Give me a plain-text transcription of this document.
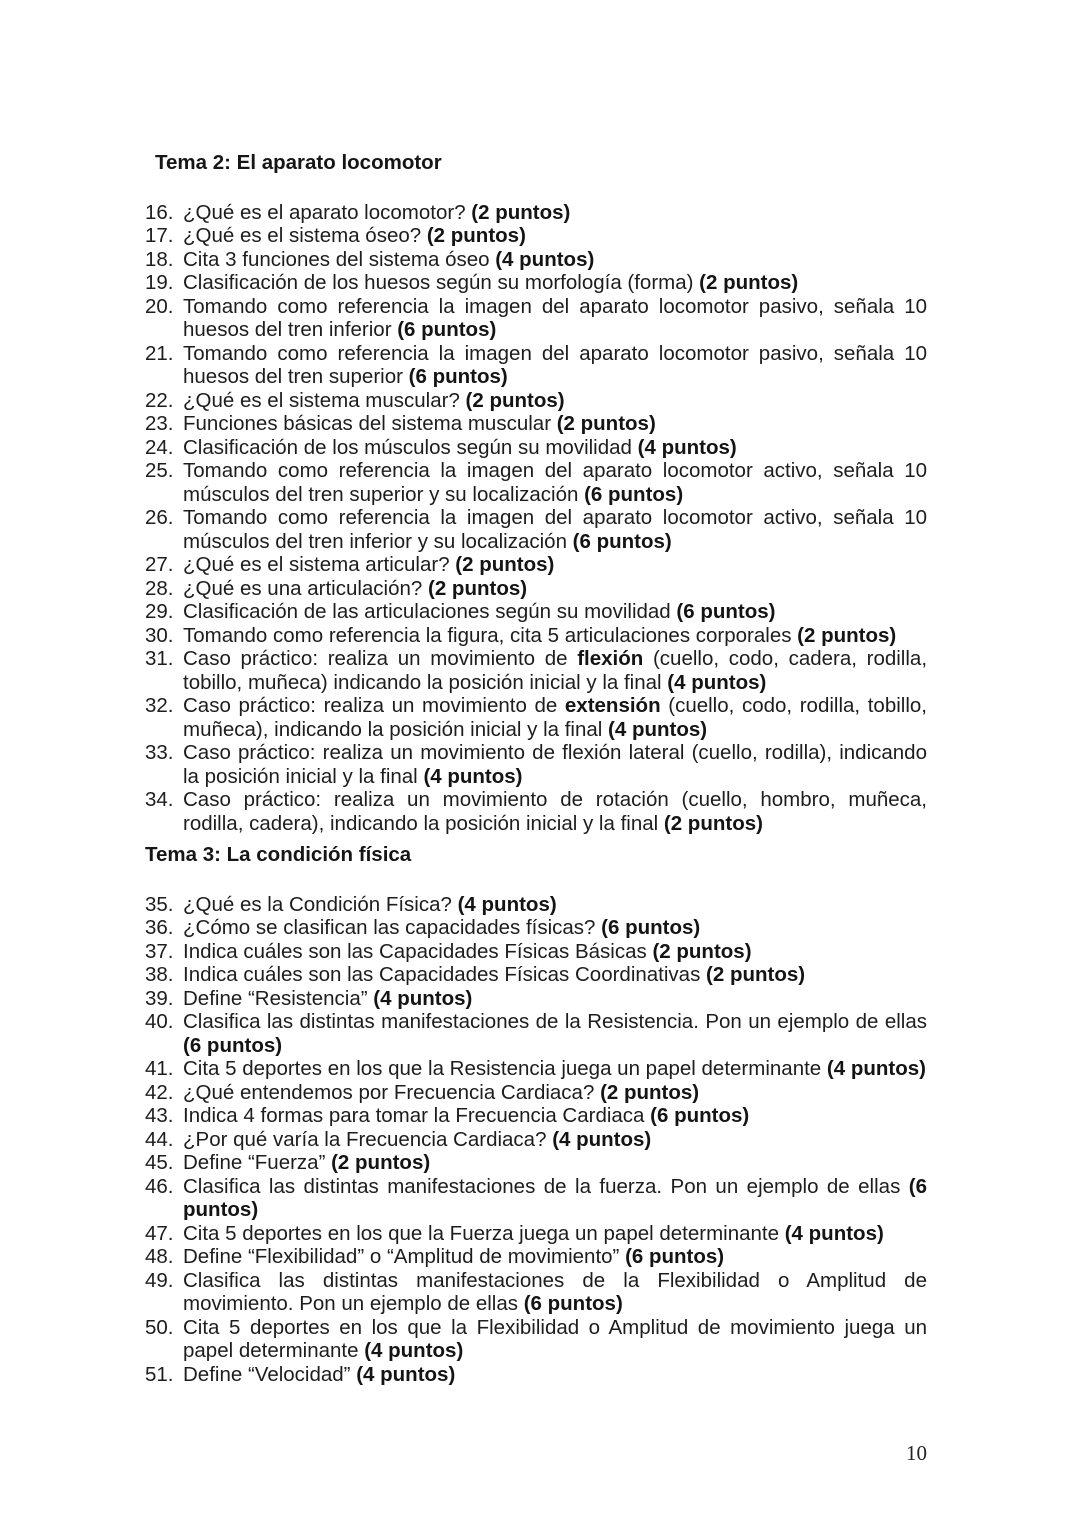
Tema 2: El aparato locomotor
16. ¿Qué es el aparato locomotor? (2 puntos)
17. ¿Qué es el sistema óseo? (2 puntos)
18. Cita 3 funciones del sistema óseo (4 puntos)
19. Clasificación de los huesos según su morfología (forma) (2 puntos)
20. Tomando como referencia la imagen del aparato locomotor pasivo, señala 10 huesos del tren inferior (6 puntos)
21. Tomando como referencia la imagen del aparato locomotor pasivo, señala 10 huesos del tren superior (6 puntos)
22. ¿Qué es el sistema muscular? (2 puntos)
23. Funciones básicas del sistema muscular (2 puntos)
24. Clasificación de los músculos según su movilidad (4 puntos)
25. Tomando como referencia la imagen del aparato locomotor activo, señala 10 músculos del tren superior y su localización (6 puntos)
26. Tomando como referencia la imagen del aparato locomotor activo, señala 10 músculos del tren inferior y su localización (6 puntos)
27. ¿Qué es el sistema articular? (2 puntos)
28. ¿Qué es una articulación? (2 puntos)
29. Clasificación de las articulaciones según su movilidad (6 puntos)
30. Tomando como referencia la figura, cita 5 articulaciones corporales (2 puntos)
31. Caso práctico: realiza un movimiento de flexión (cuello, codo, cadera, rodilla, tobillo, muñeca) indicando la posición inicial y la final (4 puntos)
32. Caso práctico: realiza un movimiento de extensión (cuello, codo, rodilla, tobillo, muñeca), indicando la posición inicial y la final (4 puntos)
33. Caso práctico: realiza un movimiento de flexión lateral (cuello, rodilla), indicando la posición inicial y la final (4 puntos)
34. Caso práctico: realiza un movimiento de rotación (cuello, hombro, muñeca, rodilla, cadera), indicando la posición inicial y la final (2 puntos)
Tema 3: La condición física
35. ¿Qué es la Condición Física? (4 puntos)
36. ¿Cómo se clasifican las capacidades físicas? (6 puntos)
37. Indica cuáles son las Capacidades Físicas Básicas (2 puntos)
38. Indica cuáles son las Capacidades Físicas Coordinativas (2 puntos)
39. Define “Resistencia” (4 puntos)
40. Clasifica las distintas manifestaciones de la Resistencia. Pon un ejemplo de ellas (6 puntos)
41. Cita 5 deportes en los que la Resistencia juega un papel determinante (4 puntos)
42. ¿Qué entendemos por Frecuencia Cardiaca? (2 puntos)
43. Indica 4 formas para tomar la Frecuencia Cardiaca (6 puntos)
44. ¿Por qué varía la Frecuencia Cardiaca? (4 puntos)
45. Define “Fuerza” (2 puntos)
46. Clasifica las distintas manifestaciones de la fuerza. Pon un ejemplo de ellas (6 puntos)
47. Cita 5 deportes en los que la Fuerza juega un papel determinante (4 puntos)
48. Define “Flexibilidad” o “Amplitud de movimiento” (6 puntos)
49. Clasifica las distintas manifestaciones de la Flexibilidad o Amplitud de movimiento. Pon un ejemplo de ellas (6 puntos)
50. Cita 5 deportes en los que la Flexibilidad o Amplitud de movimiento juega un papel determinante (4 puntos)
51. Define “Velocidad” (4 puntos)
10
